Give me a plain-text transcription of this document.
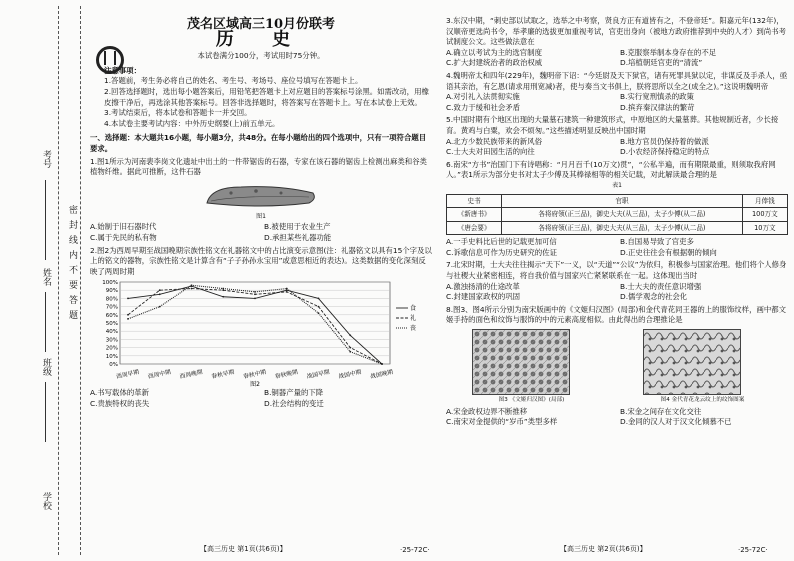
考号
姓名
班级
学校
密封线内不要答题
茂名区域高三10月份联考
历 史
本试卷满分100分，考试用时75分钟。

注意事项：

1.答题前，考生务必将自己的姓名、考生号、考场号、座位号填写在答题卡上。

2.回答选择题时，选出每小题答案后，用铅笔把答题卡上对应题目的答案标号涂黑。如需改动，用橡皮擦干净后，再选涂其他答案标号。回答非选择题时，将答案写在答题卡上。写在本试卷上无效。

3.考试结束后，将本试卷和答题卡一并交回。

4.本试卷主要考试内容：中外历史纲要(上)前五单元。

一、选择题：本大题共16小题，每小题3分，共48分。在每小题给出的四个选项中，只有一项符合题目要求。

1.图1所示为河南裴李岗文化遗址中出土的一件带锯齿的石器，专家在该石器的锯齿上检测出麻类和谷类植物纤维。据此可推断，这件石器

图1

A.始制于旧石器时代	B.被使用于农业生产

C.属于先民的私有物	D.承担某些礼器功能

2.图2为西周早期至战国晚期宗族性铭文在礼器铭文中的占比演变示意图(注：礼器铭文以具有15个字及以上的铭文的器物，宗族性铭文是计算含有“子子孙孙永宝用”或意思相近的表达)。这类数据的变化深刻反映了两周时期

0%
10%
20%
30%
40%
50%
60%
70%
80%
90%
100%
西周早期 西周中期 西周晚期 春秋早期 春秋中期 春秋晚期 战国早期 战国中期 战国晚期
食
礼
丧
图2

A.书写载体的革新	B.铜器产量的下降

C.贵族特权的丧失	D.社会结构的变迁

【高三历史 第1页(共6页)】	·25-72C·

3.东汉中期，“刺史部以试取之，选举之中考察，贤良方正有道皆有之，不登帝廷”。阳嘉元年(132年)，汉顺帝更选尚书令，举孝廉的选拔更加重视考试，官吏出身向（被地方政府推荐到中央的人才）到尚书考试制度公文。这些做法意在

A.确立以考试为主的选官制度	B.克服察举制本身存在的不足

C.扩大封建统治者的政治权威	D.培植朝廷官吏的“清流”

4.魏明帝太和四年(229年)，魏明帝下诏：“今廷尉及天下狱官，诸有死罪具狱以定，非谋反及手杀人，亟语其亲治，有乞恩(请求用刑宽减)者，使与奏当文书俱上，朕将思所以全之(成全之)。”这说明魏明帝

A.对引礼入法贯彻实施	B.实行宽刑慎杀的政策

C.致力于缓和社会矛盾	D.摈弃秦汉律法的繁苛

5.中国时期有个地区出现的大量墓石建筑一种建筑形式，中原地区的大量墓葬。其他规制近者，少长接育。黄鸡与白粟，欢会不烦匆。”这些描述明显反映出中国时期

A.北方少数民族带来的新风俗	B.地方官员仍保持着的做派

C.士大夫对田园生活的向往	D.小农经济保持稳定的特点

6.南宋“方书”治国门下有诗唱称：“月月百千(10万文)贯”，“公私半遍，而有期限最重，则须取我府网人。”表1所示为部分史书对太子少傅及其棒禄相等的相关记载，对此解读最合理的是

表1
史书	官职	月俸钱
《新唐书》	各将府领(正三品)，御史大夫(从三品)，太子少傅(从二品)	100万文
《唐会要》	各将府领(正三品)，御史大夫(从三品)，太子少傅(从二品)	10万文

A.一手史料比后世的记载更加可信	B.自国易导致了官吏多

C.诉歌信息可作为历史研究的佐证	D.正史往往会有根据朝的倾向

7.北宋时期，士大夫往往揭示“天下”一义，以“天道”“公议”为依归，积极参与国家治理。他们将个人修身与社稷大业紧密相连，将自我价值与国家兴亡紧紧联系在一起。这体现出当时

A.激浊扬清的仕途改革	B.士大夫的责任意识增强

C.封建国家政权的巩固	D.儒学观念的社会化

8.图3、图4所示分别为南宋版画中的《文姬归汉图》(局部)和金代青花同王器的上的服饰纹样，画中都文姬手持的面色和纹饰与服饰的中的元素高度相似。由此得出的合理推论是

图3 《文姬归汉图》(局部)	图4 金代青花龙云纹上的纹饰图案

A.宋金政权边界不断推移	B.宋金之间存在文化交往

C.南宋对金提供的“岁币”类型多样	D.金同的汉人对于汉文化倾慕不已

【高三历史 第2页(共6页)】	·25-72C·
